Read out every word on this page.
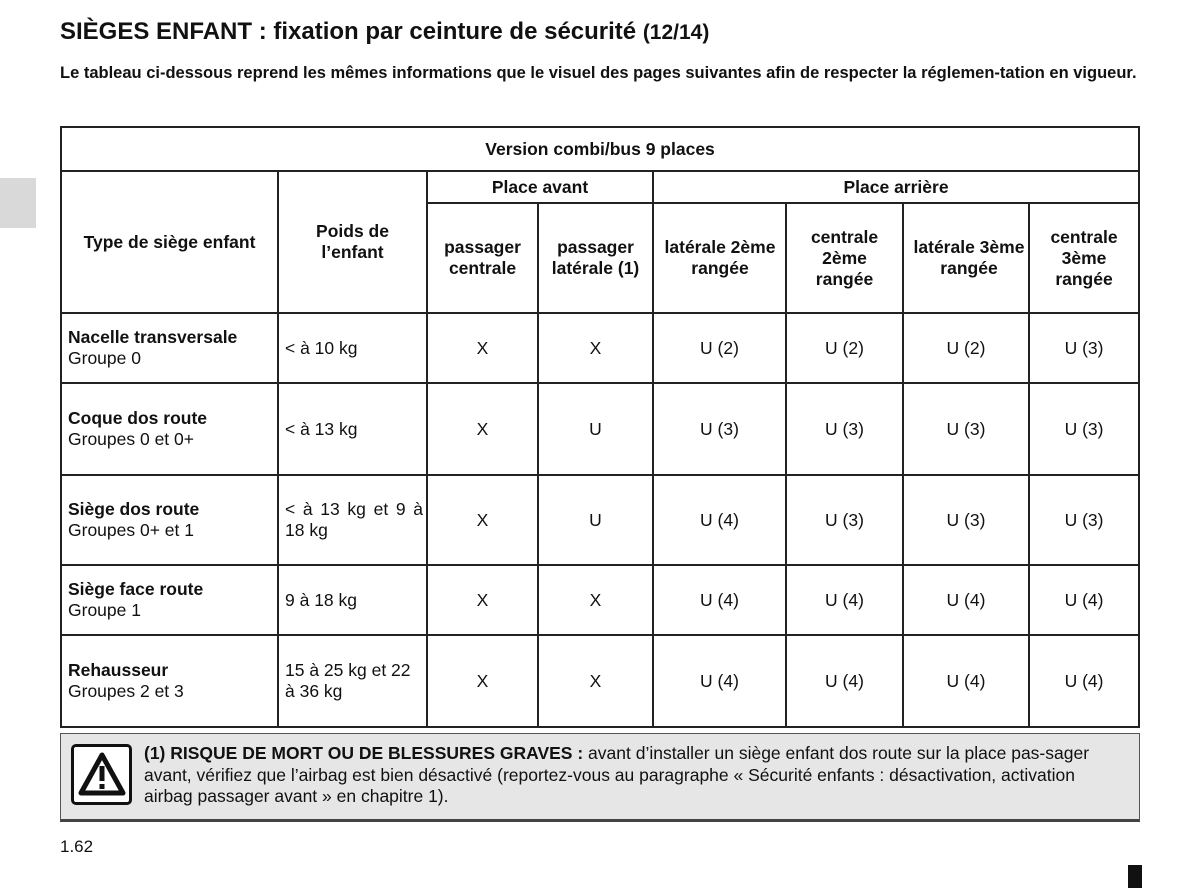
SIÈGES ENFANT : fixation par ceinture de sécurité (12/14)

Le tableau ci-dessous reprend les mêmes informations que le visuel des pages suivantes afin de respecter la réglemen-tation en vigueur.

Version combi/bus 9 places							
Type de siège enfant	Poids de l’enfant	Place avant		Place arrière			
		passager centrale	passager latérale (1)	latérale 2ème rangée	centrale 2ème rangée	latérale 3ème rangée	centrale 3ème rangée

Nacelle transversale
Groupe 0	< à 10 kg	X	X	U (2)	U (2)	U (2)	U (3)

Coque dos route
Groupes 0 et 0+	< à 13 kg	X	U	U (3)	U (3)	U (3)	U (3)

Siège dos route
Groupes 0+ et 1	< à 13 kg et 9 à 18 kg	X	U	U (4)	U (3)	U (3)	U (3)

Siège face route
Groupe 1	9 à 18 kg	X	X	U (4)	U (4)	U (4)	U (4)

Rehausseur
Groupes 2 et 3	15 à 25 kg et 22 à 36 kg	X	X	U (4)	U (4)	U (4)	U (4)

(1) RISQUE DE MORT OU DE BLESSURES GRAVES : avant d’installer un siège enfant dos route sur la place pas-sager avant, vérifiez que l’airbag est bien désactivé (reportez-vous au paragraphe « Sécurité enfants : désactivation, activation airbag passager avant » en chapitre 1).

1.62
